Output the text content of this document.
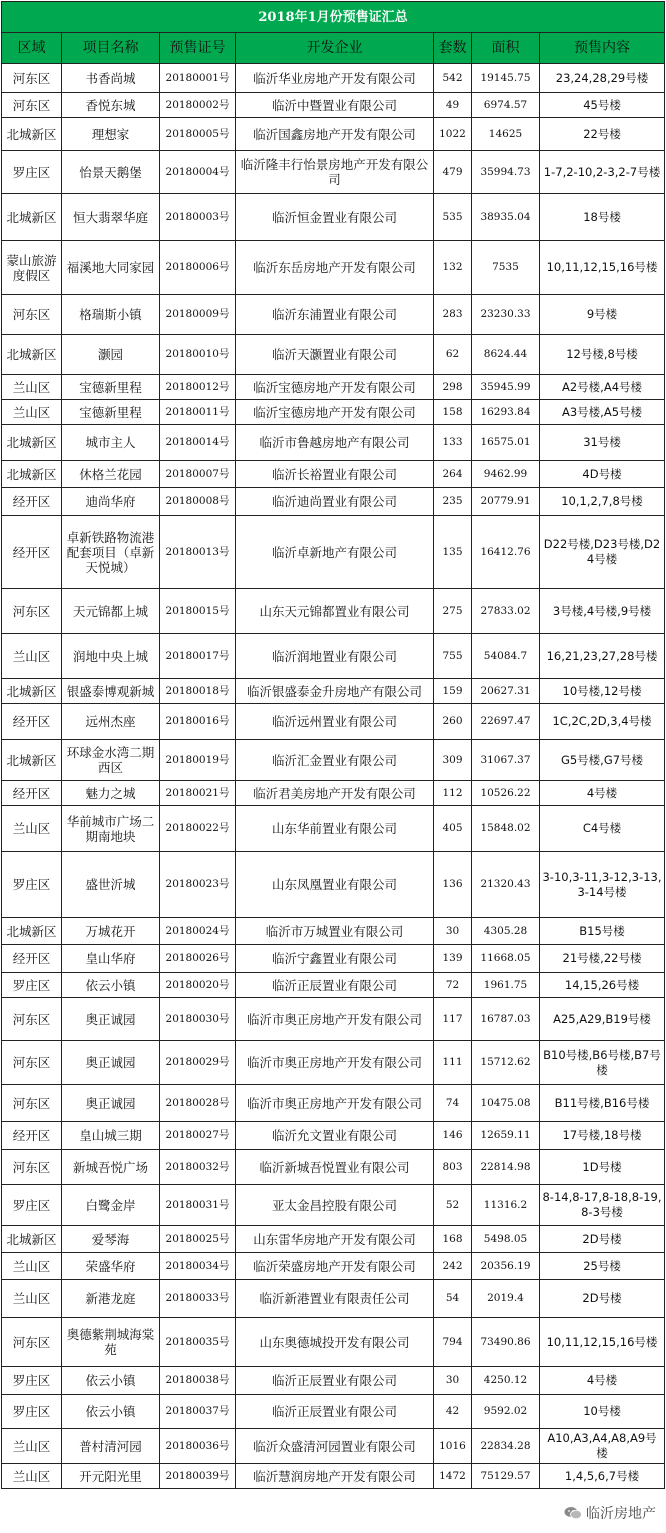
2018年1月份预售证汇总						
区域	项目名称	预售证号	开发企业	套数	面积	预售内容
河东区	书香尚城	20180001号	临沂华业房地产开发有限公司	542	19145.75	23,24,28,29号楼
河东区	香悦东城	20180002号	临沂中暨置业有限公司	49	6974.57	45号楼
北城新区	理想家	20180005号	临沂国鑫房地产开发有限公司	1022	14625	22号楼
罗庄区	怡景天鹅堡	20180004号	临沂隆丰行怡景房地产开发有限公司	479	35994.73	1-7,2-10,2-3,2-7号楼
北城新区	恒大翡翠华庭	20180003号	临沂恒金置业有限公司	535	38935.04	18号楼
蒙山旅游度假区	福溪地大同家园	20180006号	临沂东岳房地产开发有限公司	132	7535	10,11,12,15,16号楼
河东区	格瑞斯小镇	20180009号	临沂东浦置业有限公司	283	23230.33	9号楼
北城新区	灏园	20180010号	临沂天灏置业有限公司	62	8624.44	12号楼,8号楼
兰山区	宝德新里程	20180012号	临沂宝德房地产开发有限公司	298	35945.99	A2号楼,A4号楼
兰山区	宝德新里程	20180011号	临沂宝德房地产开发有限公司	158	16293.84	A3号楼,A5号楼
北城新区	城市主人	20180014号	临沂市鲁越房地产有限公司	133	16575.01	31号楼
北城新区	休格兰花园	20180007号	临沂长裕置业有限公司	264	9462.99	4D号楼
经开区	迪尚华府	20180008号	临沂迪尚置业有限公司	235	20779.91	10,1,2,7,8号楼
经开区	卓新铁路物流港配套项目（卓新天悦城）	20180013号	临沂卓新地产有限公司	135	16412.76	D22号楼,D23号楼,D24号楼
河东区	天元锦都上城	20180015号	山东天元锦都置业有限公司	275	27833.02	3号楼,4号楼,9号楼
兰山区	润地中央上城	20180017号	临沂润地置业有限公司	755	54084.7	16,21,23,27,28号楼
北城新区	银盛泰博观新城	20180018号	临沂银盛泰金升房地产有限公司	159	20627.31	10号楼,12号楼
经开区	远州杰座	20180016号	临沂远州置业有限公司	260	22697.47	1C,2C,2D,3,4号楼
北城新区	环球金水湾二期西区	20180019号	临沂汇金置业有限公司	309	31067.37	G5号楼,G7号楼
经开区	魅力之城	20180021号	临沂君美房地产开发有限公司	112	10526.22	4号楼
兰山区	华前城市广场二期南地块	20180022号	山东华前置业有限公司	405	15848.02	C4号楼
罗庄区	盛世沂城	20180023号	山东凤凰置业有限公司	136	21320.43	3-10,3-11,3-12,3-13,3-14号楼
北城新区	万城花开	20180024号	临沂市万城置业有限公司	30	4305.28	B15号楼
经开区	皇山华府	20180026号	临沂宁鑫置业有限公司	139	11668.05	21号楼,22号楼
罗庄区	依云小镇	20180020号	临沂正辰置业有限公司	72	1961.75	14,15,26号楼
河东区	奥正诚园	20180030号	临沂市奥正房地产开发有限公司	117	16787.03	A25,A29,B19号楼
河东区	奥正诚园	20180029号	临沂市奥正房地产开发有限公司	111	15712.62	B10号楼,B6号楼,B7号楼
河东区	奥正诚园	20180028号	临沂市奥正房地产开发有限公司	74	10475.08	B11号楼,B16号楼
经开区	皇山城三期	20180027号	临沂允文置业有限公司	146	12659.11	17号楼,18号楼
河东区	新城吾悦广场	20180032号	临沂新城吾悦置业有限公司	803	22814.98	1D号楼
罗庄区	白鹭金岸	20180031号	亚太金昌控股有限公司	52	11316.2	8-14,8-17,8-18,8-19,8-3号楼
北城新区	爱琴海	20180025号	山东雷华房地产开发有限公司	168	5498.05	2D号楼
兰山区	荣盛华府	20180034号	临沂荣盛房地产开发有限公司	242	20356.19	25号楼
兰山区	新港龙庭	20180033号	临沂新港置业有限责任公司	54	2019.4	2D号楼
河东区	奥德紫荆城海棠苑	20180035号	山东奥德城投开发有限公司	794	73490.86	10,11,12,15,16号楼
罗庄区	依云小镇	20180038号	临沂正辰置业有限公司	30	4250.12	4号楼
罗庄区	依云小镇	20180037号	临沂正辰置业有限公司	42	9592.02	10号楼
兰山区	普村清河园	20180036号	临沂众盛清河园置业有限公司	1016	22834.28	A10,A3,A4,A8,A9号楼
兰山区	开元阳光里	20180039号	临沂慧润房地产开发有限公司	1472	75129.57	1,4,5,6,7号楼
临沂房地产
